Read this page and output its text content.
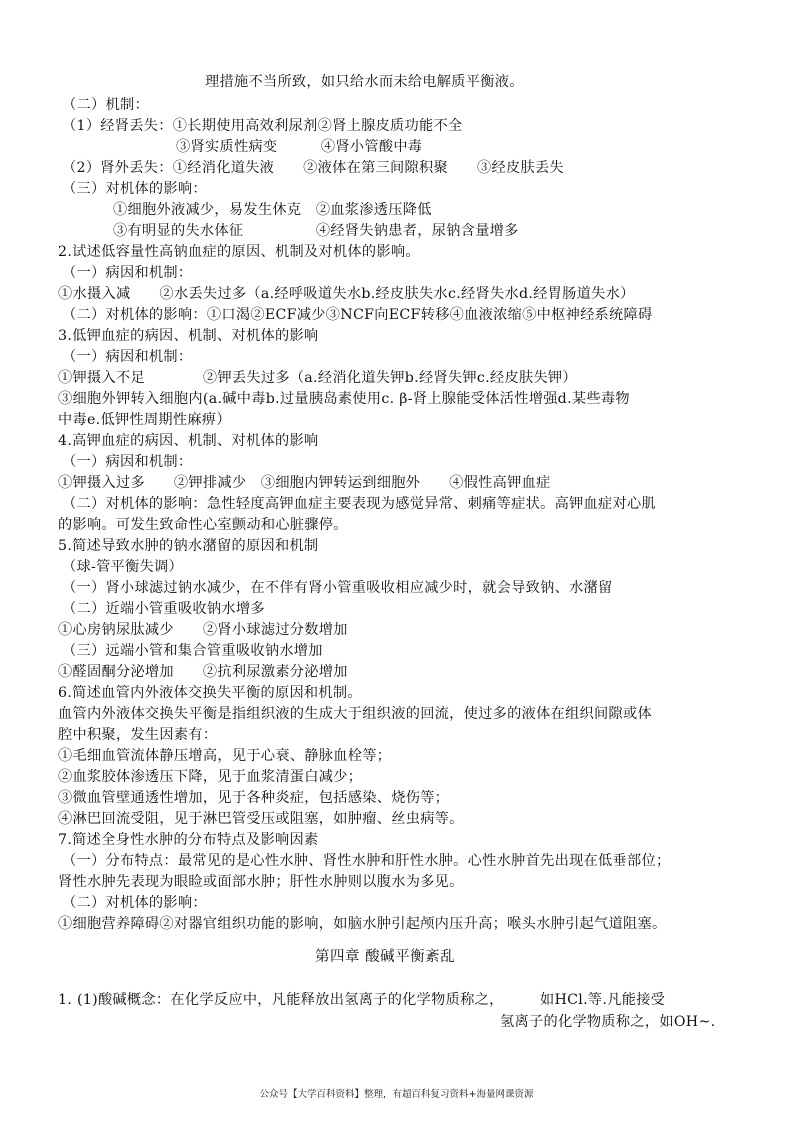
理措施不当所致，如只给水而未给电解质平衡液。
（二）机制：
（1）经肾丢失：①长期使用高效利尿剂②肾上腺皮质功能不全
③肾实质性病变　　　④肾小管酸中毒
（2）肾外丢失：①经消化道失液　　②液体在第三间隙积聚　　③经皮肤丢失
（三）对机体的影响：
①细胞外液减少，易发生休克　②血浆渗透压降低
③有明显的失水体征　　　　　④经肾失钠患者，尿钠含量增多
2.试述低容量性高钠血症的原因、机制及对机体的影响。
（一）病因和机制：
①水摄入减　　②水丢失过多（a.经呼吸道失水b.经皮肤失水c.经肾失水d.经胃肠道失水）
（二）对机体的影响：①口渴②ECF减少③NCF向ECF转移④血液浓缩⑤中枢神经系统障碍
3.低钾血症的病因、机制、对机体的影响
（一）病因和机制：
①钾摄入不足　　　　②钾丢失过多（a.经消化道失钾b.经肾失钾c.经皮肤失钾）
③细胞外钾转入细胞内(a.碱中毒b.过量胰岛素使用c. β-肾上腺能受体活性增强d.某些毒物
中毒e.低钾性周期性麻痹）
4.高钾血症的病因、机制、对机体的影响
（一）病因和机制：
①钾摄入过多　　②钾排减少　③细胞内钾转运到细胞外　　④假性高钾血症
（二）对机体的影响：急性轻度高钾血症主要表现为感觉异常、刺痛等症状。高钾血症对心肌
的影响。可发生致命性心室颤动和心脏骤停。
5.简述导致水肿的钠水潴留的原因和机制
（球-管平衡失调）
（一）肾小球滤过钠水减少，在不伴有肾小管重吸收相应减少时，就会导致钠、水潴留
（二）近端小管重吸收钠水增多
①心房钠尿肽减少　　②肾小球滤过分数增加
（三）远端小管和集合管重吸收钠水增加
①醛固酮分泌增加　　②抗利尿激素分泌增加
6.简述血管内外液体交换失平衡的原因和机制。
血管内外液体交换失平衡是指组织液的生成大于组织液的回流，使过多的液体在组织间隙或体
腔中积聚，发生因素有：
①毛细血管流体静压增高，见于心衰、静脉血栓等；
②血浆胶体渗透压下降，见于血浆清蛋白减少；
③微血管壁通透性增加，见于各种炎症，包括感染、烧伤等；
④淋巴回流受阻，见于淋巴管受压或阻塞，如肿瘤、丝虫病等。
7.简述全身性水肿的分布特点及影响因素
（一）分布特点：最常见的是心性水肿、肾性水肿和肝性水肿。心性水肿首先出现在低垂部位；
肾性水肿先表现为眼睑或面部水肿；肝性水肿则以腹水为多见。
（二）对机体的影响：
①细胞营养障碍②对器官组织功能的影响，如脑水肿引起颅内压升高；喉头水肿引起气道阻塞。
第四章 酸碱平衡紊乱
1. (1)酸碱概念：在化学反应中，凡能释放出氢离子的化学物质称之，　　　如HCl.等.凡能接受
氢离子的化学物质称之，如OH~.
公众号【大学百科资料】整理，有超百科复习资料+海量网课资源
